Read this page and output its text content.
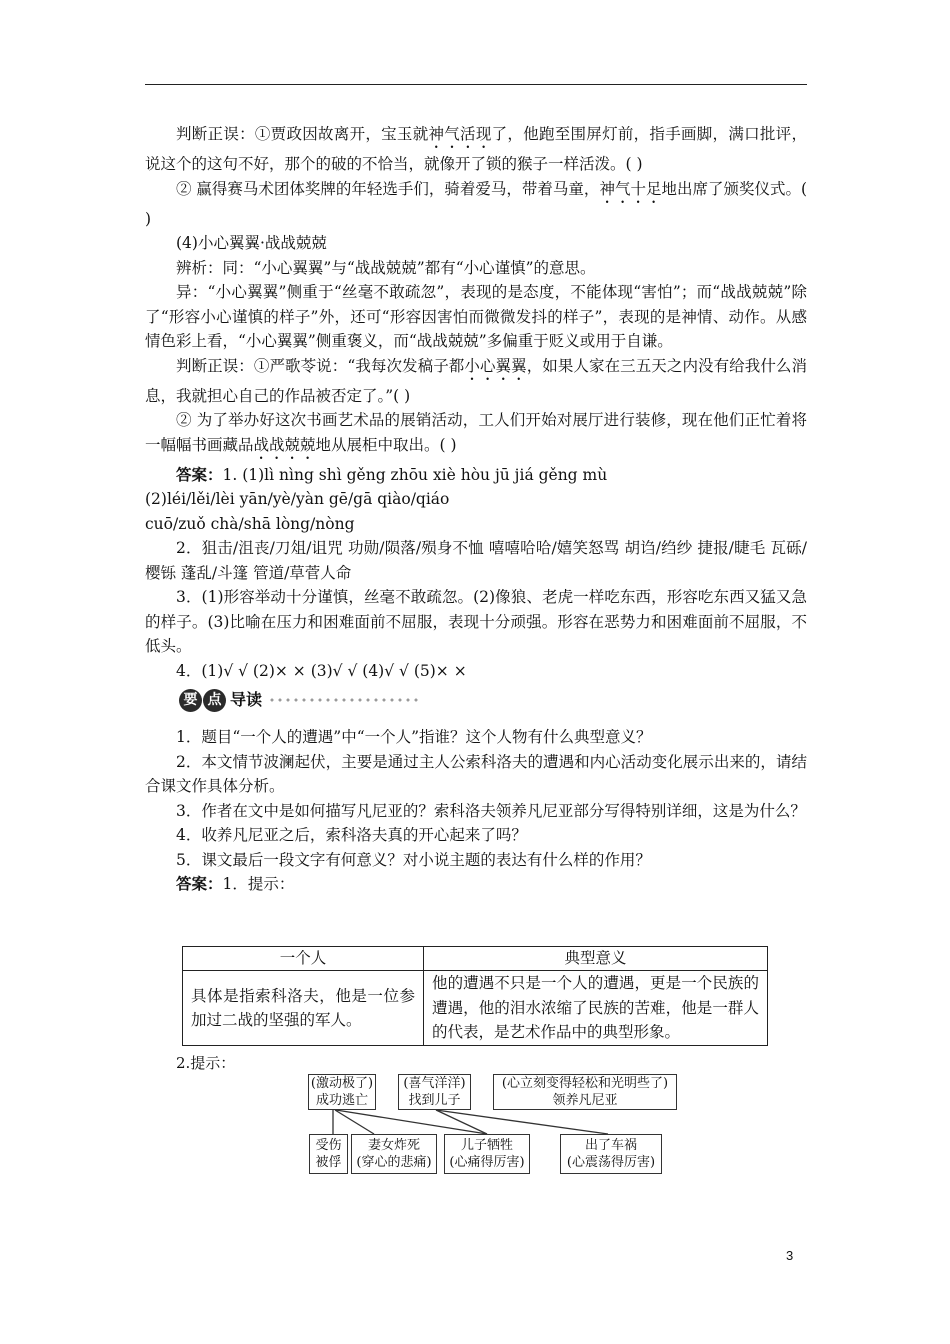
判断正误：①贾政因故离开，宝玉就神气活现了，他跑至围屏灯前，指手画脚，满口批评，说这个的这句不好，那个的破的不恰当，就像开了锁的猴子一样活泼。( )

② 赢得赛马术团体奖牌的年轻选手们，骑着爱马，带着马童，神气十足地出席了颁奖仪式。( )

(4)小心翼翼·战战兢兢

辨析：同：“小心翼翼”与“战战兢兢”都有“小心谨慎”的意思。

异：“小心翼翼”侧重于“丝毫不敢疏忽”，表现的是态度，不能体现“害怕”；而“战战兢兢”除了“形容小心谨慎的样子”外，还可“形容因害怕而微微发抖的样子”，表现的是神情、动作。从感情色彩上看，“小心翼翼”侧重褒义，而“战战兢兢”多偏重于贬义或用于自谦。

判断正误：①严歌苓说：“我每次发稿子都小心翼翼，如果人家在三五天之内没有给我什么消息，我就担心自己的作品被否定了。”( )

② 为了举办好这次书画艺术品的展销活动，工人们开始对展厅进行装修，现在他们正忙着将一幅幅书画藏品战战兢兢地从展柜中取出。( )

答案：1. (1)lì nìng shì gěng zhōu xiè hòu jū jiá gěng mù

(2)léi/lěi/lèi yān/yè/yàn gē/gā qiào/qiáo

cuō/zuǒ chà/shā lòng/nòng

2．狙击/沮丧/刀俎/诅咒 功勋/陨落/殒身不恤 嘻嘻哈哈/嬉笑怒骂 胡诌/绉纱 捷报/睫毛 瓦砾/樱铄 蓬乱/斗篷 管道/草菅人命

3．(1)形容举动十分谨慎，丝毫不敢疏忽。(2)像狼、老虎一样吃东西，形容吃东西又猛又急的样子。(3)比喻在压力和困难面前不屈服，表现十分顽强。形容在恶势力和困难面前不屈服，不低头。

4．(1)√ √ (2)× × (3)√ √ (4)√ √ (5)× ×

要 点 导读

1．题目“一个人的遭遇”中“一个人”指谁？这个人物有什么典型意义？

2．本文情节波澜起伏，主要是通过主人公索科洛夫的遭遇和内心活动变化展示出来的，请结合课文作具体分析。

3．作者在文中是如何描写凡尼亚的？索科洛夫领养凡尼亚部分写得特别详细，这是为什么？

4．收养凡尼亚之后，索科洛夫真的开心起来了吗？

5．课文最后一段文字有何意义？对小说主题的表达有什么样的作用？

答案：1．提示：

一个人	典型意义
具体是指索科洛夫，他是一位参加过二战的坚强的军人。	他的遭遇不只是一个人的遭遇，更是一个民族的遭遇，他的泪水浓缩了民族的苦难，他是一群人的代表，是艺术作品中的典型形象。
2.提示：
(激动极了)
成功逃亡
(喜气洋洋)
找到儿子
(心立刻变得轻松和光明些了)
领养凡尼亚
受伤
被俘
妻女炸死
(穿心的悲痛)
儿子牺牲
(心痛得厉害)
出了车祸
(心震荡得厉害)
3
